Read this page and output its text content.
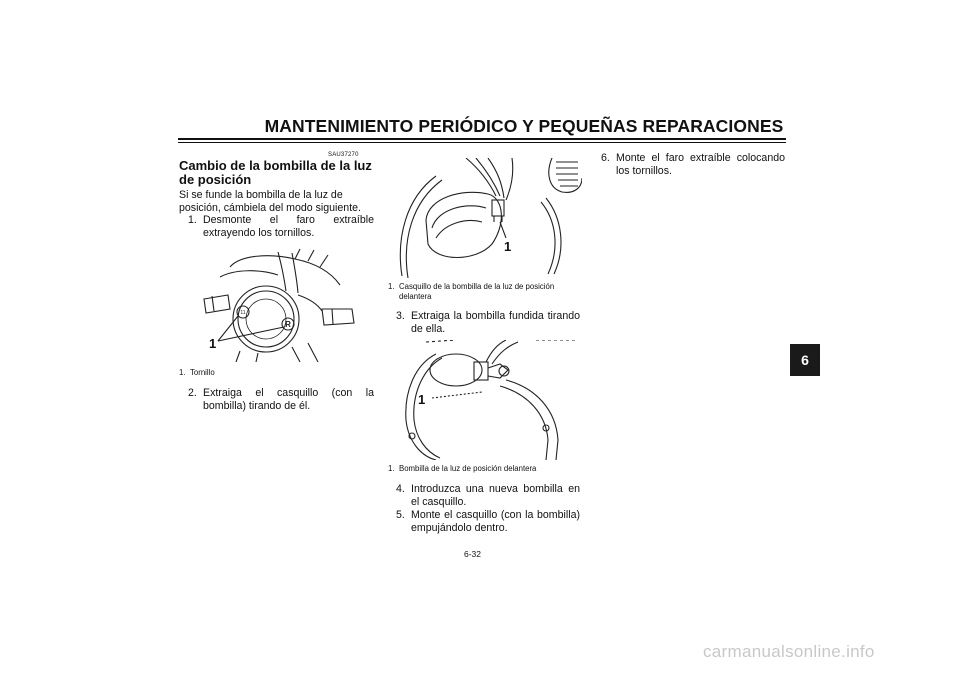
MANTENIMIENTO PERIÓDICO Y PEQUEÑAS REPARACIONES
6
SAU37270
Cambio de la bombilla de la luz de posición
Si se funde la bombilla de la luz de posición, cámbiela del modo siguiente.
1. Desmonte el faro extraíble extrayendo los tornillos.
11
R
1
1. Tornillo
2. Extraiga el casquillo (con la bombilla) tirando de él.
1
1. Casquillo de la bombilla de la luz de posición delantera
3. Extraiga la bombilla fundida tirando de ella.
1
1. Bombilla de la luz de posición delantera
4. Introduzca una nueva bombilla en el casquillo.
5. Monte el casquillo (con la bombilla) empujándolo dentro.
6. Monte el faro extraíble colocando los tornillos.
6-32
carmanualsonline.info
